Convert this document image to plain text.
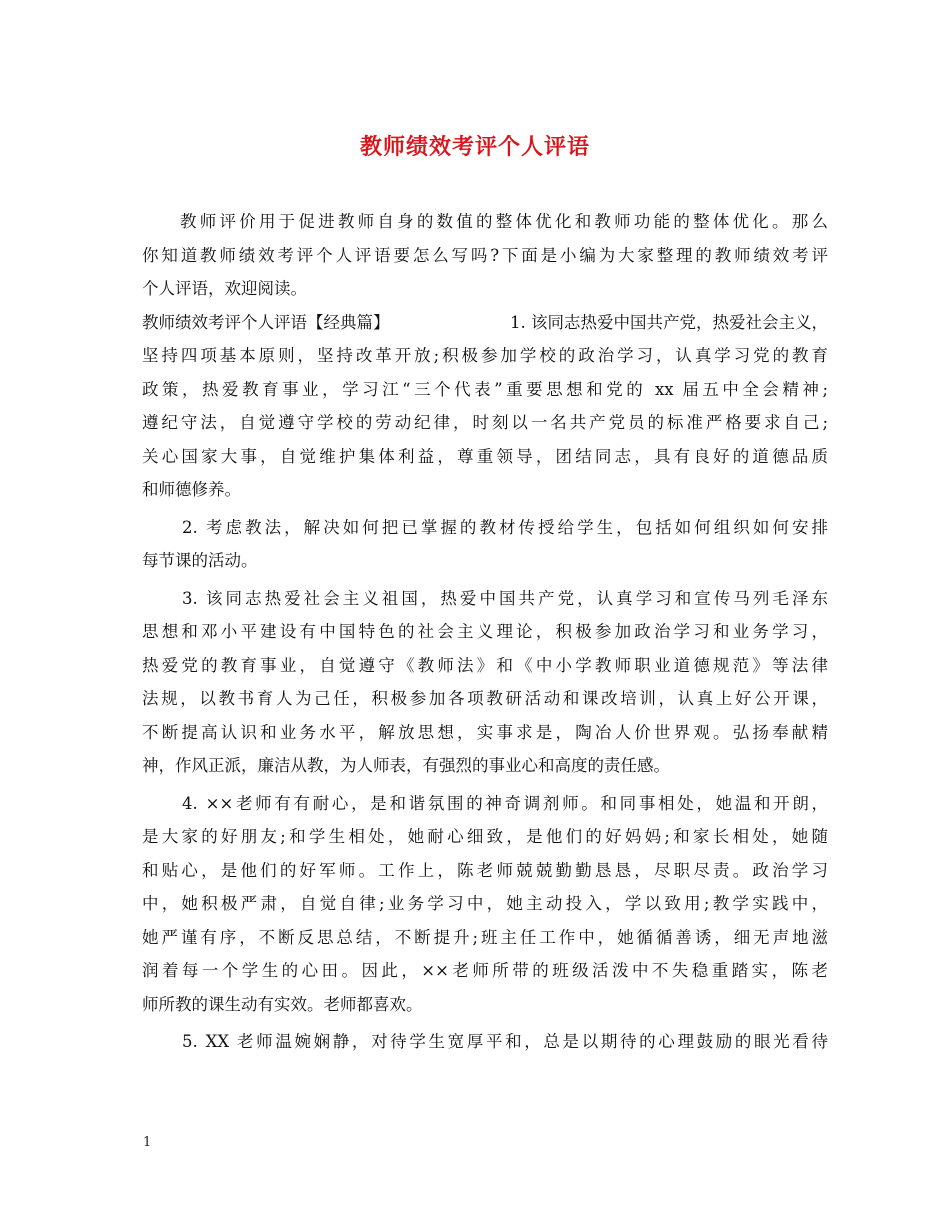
教师绩效考评个人评语
教师评价用于促进教师自身的数值的整体优化和教师功能的整体优化。那么
你知道教师绩效考评个人评语要怎么写吗?下面是小编为大家整理的教师绩效考评
个人评语，欢迎阅读。
教师绩效考评个人评语【经典篇】	1. 该同志热爱中国共产党，热爱社会主义，
坚持四项基本原则，坚持改革开放;积极参加学校的政治学习，认真学习党的教育
政策，热爱教育事业，学习江“三个代表”重要思想和党的 xx 届五中全会精神;
遵纪守法，自觉遵守学校的劳动纪律，时刻以一名共产党员的标准严格要求自己;
关心国家大事，自觉维护集体利益，尊重领导，团结同志，具有良好的道德品质
和师德修养。
2. 考虑教法，解决如何把已掌握的教材传授给学生，包括如何组织如何安排
每节课的活动。
3. 该同志热爱社会主义祖国，热爱中国共产党，认真学习和宣传马列毛泽东
思想和邓小平建设有中国特色的社会主义理论，积极参加政治学习和业务学习，
热爱党的教育事业，自觉遵守《教师法》和《中小学教师职业道德规范》等法律
法规，以教书育人为己任，积极参加各项教研活动和课改培训，认真上好公开课，
不断提高认识和业务水平，解放思想，实事求是，陶冶人价世界观。弘扬奉献精
神，作风正派，廉洁从教，为人师表，有强烈的事业心和高度的责任感。
4. ××老师有有耐心，是和谐氛围的神奇调剂师。和同事相处，她温和开朗，
是大家的好朋友;和学生相处，她耐心细致，是他们的好妈妈;和家长相处，她随
和贴心，是他们的好军师。工作上，陈老师兢兢勤勤恳恳，尽职尽责。政治学习
中，她积极严肃，自觉自律;业务学习中，她主动投入，学以致用;教学实践中，
她严谨有序，不断反思总结，不断提升;班主任工作中，她循循善诱，细无声地滋
润着每一个学生的心田。因此，××老师所带的班级活泼中不失稳重踏实，陈老
师所教的课生动有实效。老师都喜欢。
5. XX 老师温婉娴静，对待学生宽厚平和，总是以期待的心理鼓励的眼光看待
1
